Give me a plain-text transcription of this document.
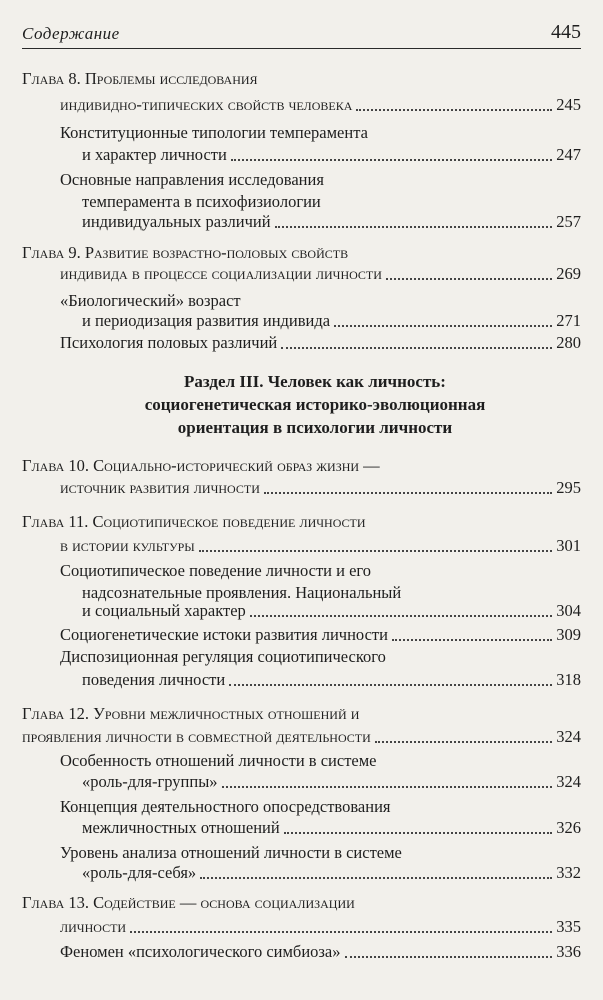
Содержание	445
Глава 8. Проблемы исследования
индивидно-типических свойств человека	245
Конституционные типологии темперамента
и характер личности	247
Основные направления исследования
темперамента в психофизиологии
индивидуальных различий	257
Глава 9. Развитие возрастно-половых свойств
индивида в процессе социализации личности	269
«Биологический» возраст
и периодизация развития индивида	271
Психология половых различий	280
Раздел III. Человек как личность:
социогенетическая историко-эволюционная
ориентация в психологии личности
Глава 10. Социально-исторический образ жизни —
источник развития личности	295
Глава 11. Социотипическое поведение личности
в истории культуры	301
Социотипическое поведение личности и его
надсознательные проявления. Национальный
и социальный характер	304
Социогенетические истоки развития личности	309
Диспозиционная регуляция социотипического
поведения личности	318
Глава 12. Уровни межличностных отношений и
проявления личности в совместной деятельности	324
Особенность отношений личности в системе
«роль-для-группы»	324
Концепция деятельностного опосредствования
межличностных отношений	326
Уровень анализа отношений личности в системе
«роль-для-себя»	332
Глава 13. Содействие — основа социализации
личности	335
Феномен «психологического симбиоза»	336
